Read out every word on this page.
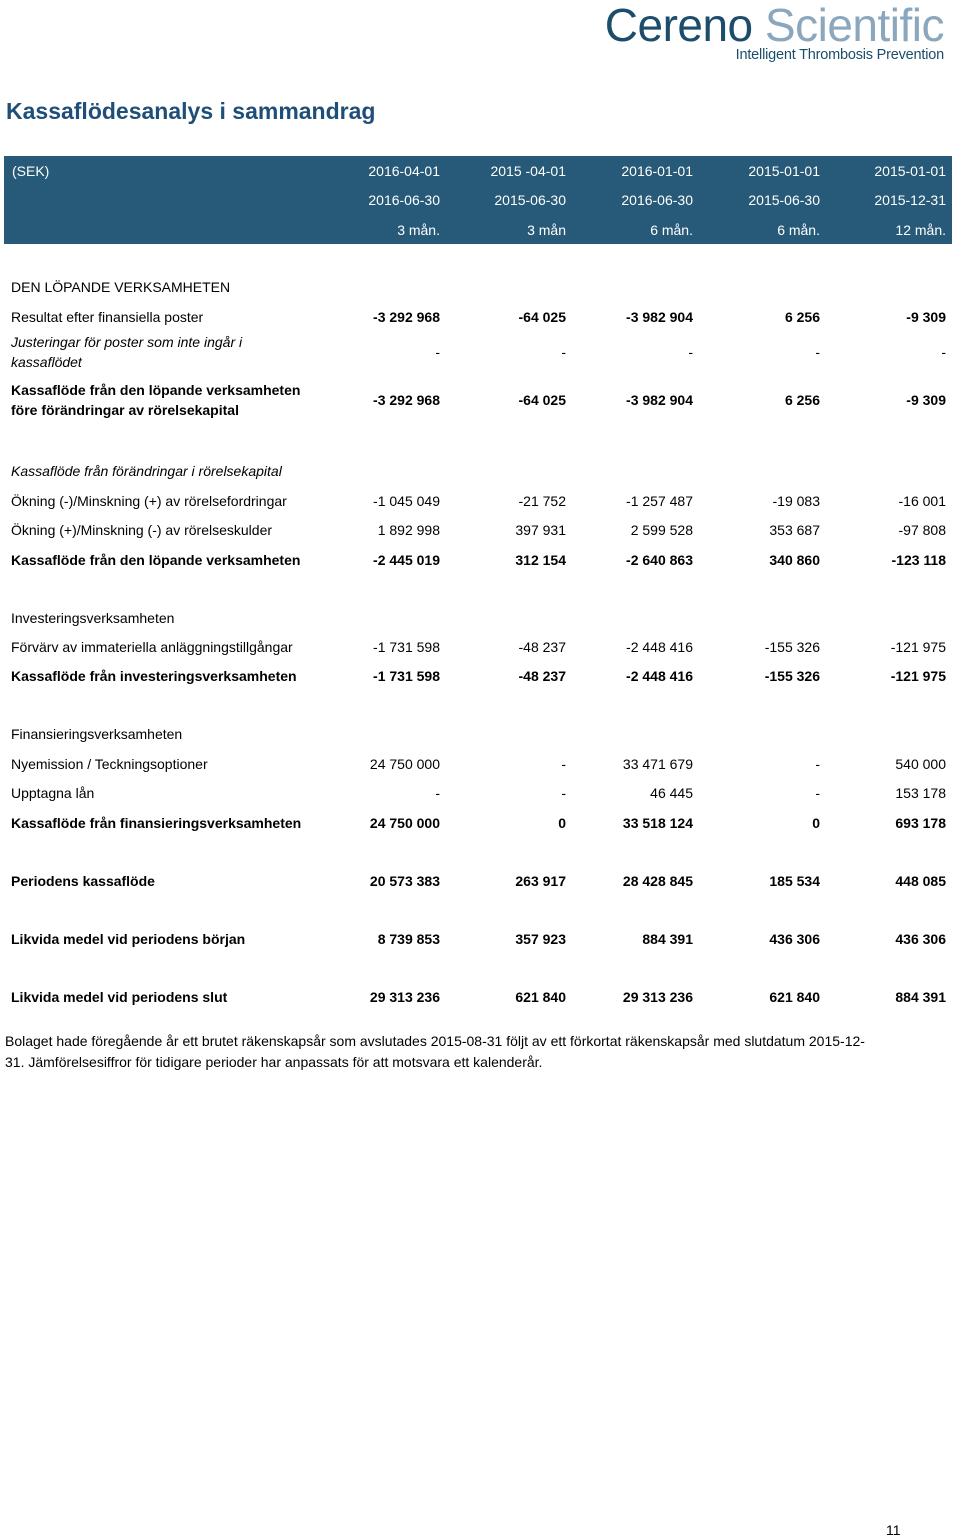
Cereno Scientific
Intelligent Thrombosis Prevention
Kassaflödesanalys i sammandrag
(SEK)	2016-04-01	2015 -04-01	2016-01-01	2015-01-01	2015-01-01
2016-06-30	2015-06-30	2016-06-30	2015-06-30	2015-12-31
3 mån.	3 mån	6 mån.	6 mån.	12 mån.
DEN LÖPANDE VERKSAMHETEN
Resultat efter finansiella poster	-3 292 968	-64 025	-3 982 904	6 256	-9 309
Justeringar för poster som inte ingår i
kassaflödet
-	-	-	-	-
Kassaflöde från den löpande verksamheten
före förändringar av rörelsekapital
-3 292 968	-64 025	-3 982 904	6 256	-9 309
Kassaflöde från förändringar i rörelsekapital
Ökning (-)/Minskning (+) av rörelsefordringar	-1 045 049	-21 752	-1 257 487	-19 083	-16 001
Ökning (+)/Minskning (-) av rörelseskulder	1 892 998	397 931	2 599 528	353 687	-97 808
Kassaflöde från den löpande verksamheten	-2 445 019	312 154	-2 640 863	340 860	-123 118
Investeringsverksamheten
Förvärv av immateriella anläggningstillgångar	-1 731 598	-48 237	-2 448 416	-155 326	-121 975
Kassaflöde från investeringsverksamheten	-1 731 598	-48 237	-2 448 416	-155 326	-121 975
Finansieringsverksamheten
Nyemission / Teckningsoptioner	24 750 000	-	33 471 679	-	540 000
Upptagna lån	-	-	46 445	-	153 178
Kassaflöde från finansieringsverksamheten	24 750 000	0	33 518 124	0	693 178
Periodens kassaflöde	20 573 383	263 917	28 428 845	185 534	448 085
Likvida medel vid periodens början	8 739 853	357 923	884 391	436 306	436 306
Likvida medel vid periodens slut	29 313 236	621 840	29 313 236	621 840	884 391

Bolaget hade föregående år ett brutet räkenskapsår som avslutades 2015-08-31 följt av ett förkortat räkenskapsår med slutdatum 2015-12-
31. Jämförelsesiffror för tidigare perioder har anpassats för att motsvara ett kalenderår.

11
